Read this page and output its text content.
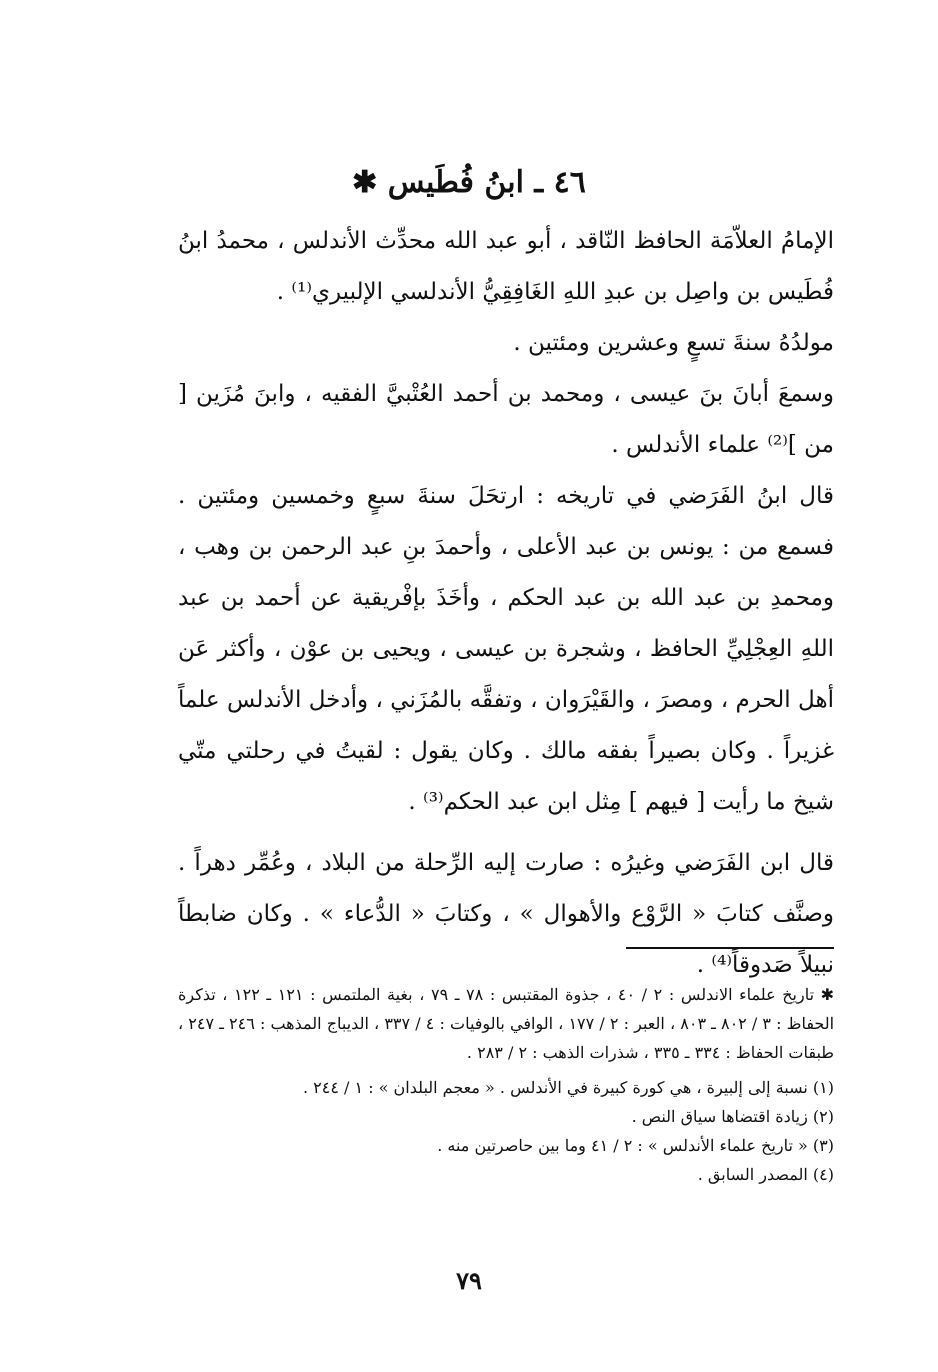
٤٦ ـ ابنُ فُطَيس ✱

الإمامُ العلاّمَة الحافظ النّاقد ، أبو عبد الله محدِّث الأندلس ، محمدُ ابنُ فُطَيس بن واصِل بن عبدِ اللهِ الغَافِقِيُّ الأندلسي الإلبيري⁽¹⁾ .

مولدُهُ سنةَ تسعٍ وعشرين ومئتين .

وسمعَ أبانَ بنَ عيسى ، ومحمد بن أحمد العُتْبيَّ الفقيه ، وابنَ مُزَين [ من ]⁽²⁾ علماء الأندلس .

قال ابنُ الفَرَضي في تاريخه : ارتحَلَ سنةَ سبعٍ وخمسين ومئتين . فسمع من : يونس بن عبد الأعلى ، وأحمدَ بنِ عبد الرحمن بن وهب ، ومحمدِ بن عبد الله بن عبد الحكم ، وأخَذَ بإفْريقية عن أحمد بن عبد اللهِ العِجْلِيِّ الحافظ ، وشجرة بن عيسى ، ويحيى بن عوْن ، وأكثر عَن أهل الحرم ، ومصرَ ، والقَيْرَوان ، وتفقَّه بالمُزَني ، وأدخل الأندلس علماً غزيراً . وكان بصيراً بفقه مالك . وكان يقول : لقيتُ في رحلتي متّي شيخ ما رأيت [ فيهم ] مِثل ابن عبد الحكم⁽³⁾ .

قال ابن الفَرَضي وغيرُه : صارت إليه الرِّحلة من البلاد ، وعُمِّر دهراً . وصنَّف كتابَ « الرَّوْع والأهوال » ، وكتابَ « الدُّعاء » . وكان ضابطاً نبيلاً صَدوقاً⁽⁴⁾ .

✱ تاريخ علماء الاندلس : ٢ / ٤٠ ، جذوة المقتبس : ٧٨ ـ ٧٩ ، بغية الملتمس : ١٢١ ـ ١٢٢ ، تذكرة الحفاظ : ٣ / ٨٠٢ ـ ٨٠٣ ، العبر : ٢ / ١٧٧ ، الوافي بالوفيات : ٤ / ٣٣٧ ، الديباج المذهب : ٢٤٦ ـ ٢٤٧ ، طبقات الحفاظ : ٣٣٤ ـ ٣٣٥ ، شذرات الذهب : ٢ / ٢٨٣ .

(١) نسبة إلى إلبيرة ، هي كورة كبيرة في الأندلس . « معجم البلدان » : ١ / ٢٤٤ .

(٢) زيادة اقتضاها سياق النص .

(٣) « تاريخ علماء الأندلس » : ٢ / ٤١ وما بين حاصرتين منه .

(٤) المصدر السابق .

٧٩
